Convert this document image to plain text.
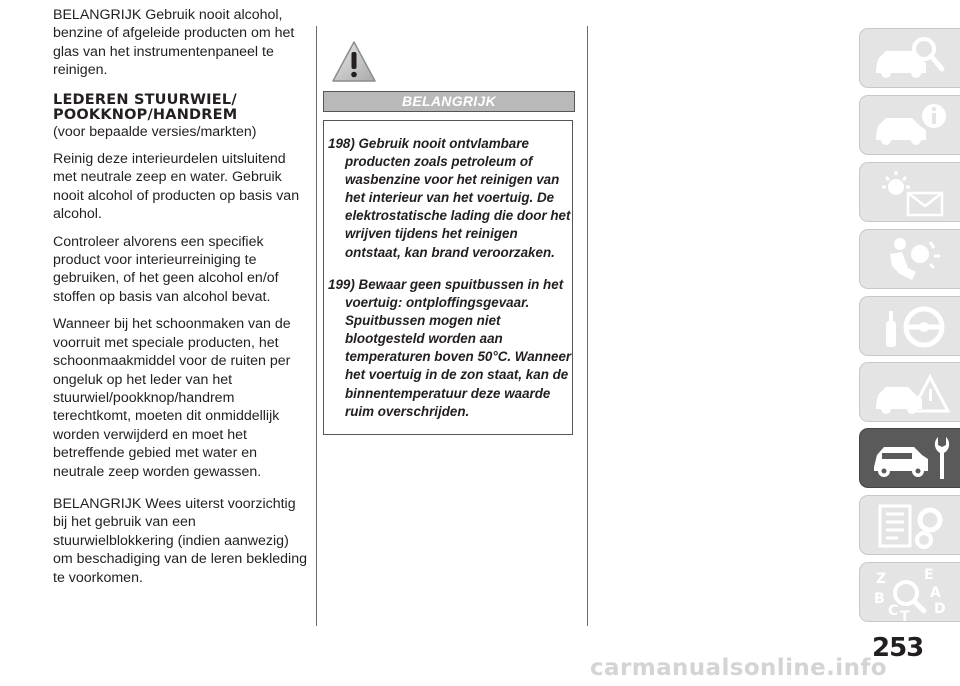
BELANGRIJK Gebruik nooit alcohol, benzine of afgeleide producten om het glas van het instrumentenpaneel te reinigen.

LEDEREN STUURWIEL/
POOKKNOP/HANDREM
(voor bepaalde versies/markten)

Reinig deze interieurdelen uitsluitend met neutrale zeep en water. Gebruik nooit alcohol of producten op basis van alcohol.

Controleer alvorens een specifiek product voor interieurreiniging te gebruiken, of het geen alcohol en/of stoffen op basis van alcohol bevat.

Wanneer bij het schoonmaken van de voorruit met speciale producten, het schoonmaakmiddel voor de ruiten per ongeluk op het leder van het stuurwiel/pookknop/handrem terechtkomt, moeten dit onmiddellijk worden verwijderd en moet het betreffende gebied met water en neutrale zeep worden gewassen.

BELANGRIJK Wees uiterst voorzichtig bij het gebruik van een stuurwielblokkering (indien aanwezig) om beschadiging van de leren bekleding te voorkomen.

BELANGRIJK
198) Gebruik nooit ontvlambare producten zoals petroleum of wasbenzine voor het reinigen van het interieur van het voertuig. De elektrostatische lading die door het wrijven tijdens het reinigen ontstaat, kan brand veroorzaken.
199) Bewaar geen spuitbussen in het voertuig: ontploffingsgevaar. Spuitbussen mogen niet blootgesteld worden aan temperaturen boven 50°C. Wanneer het voertuig in de zon staat, kan de binnentemperatuur deze waarde ruim overschrijden.
Z	E
A
B
C T D
253
carmanualsonline.info
